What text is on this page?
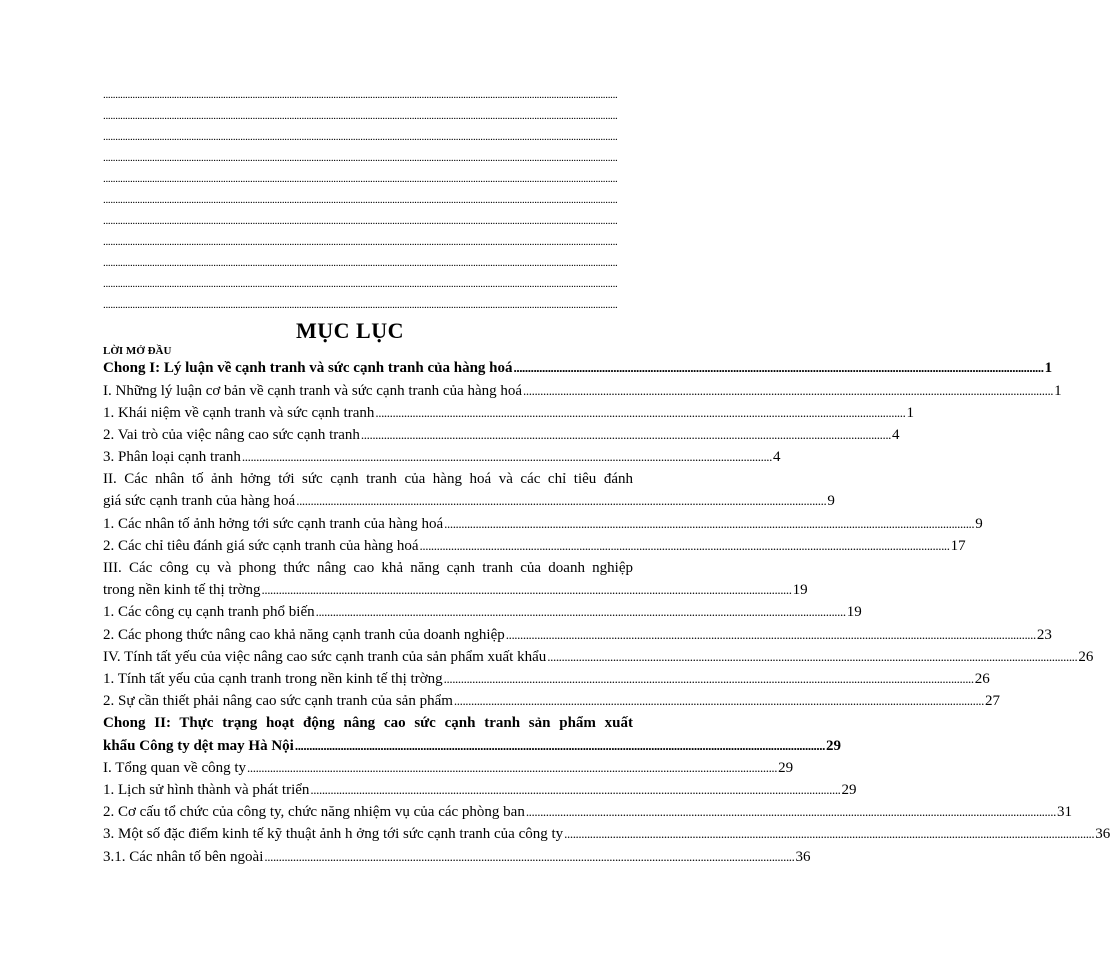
..................................................................................................................................................................................................................
..................................................................................................................................................................................................................
..................................................................................................................................................................................................................
..................................................................................................................................................................................................................
..................................................................................................................................................................................................................
..................................................................................................................................................................................................................
..................................................................................................................................................................................................................
..................................................................................................................................................................................................................
..................................................................................................................................................................................................................
..................................................................................................................................................................................................................
..................................................................................................................................................................................................................
MỤC LỤC
LỜI MỞ ĐẦU
Chong I: Lý luận về cạnh tranh và sức cạnh tranh của hàng hoá .......................................................................................................................................................................................... 1
I. Những lý luận cơ bản về cạnh tranh và sức cạnh tranh của hàng hoá .......................................................................................................................................................................................... 1
1. Khái niệm về cạnh tranh và sức cạnh tranh .......................................................................................................................................................................................... 1
2. Vai trò của việc nâng cao sức cạnh tranh .......................................................................................................................................................................................... 4
3. Phân loại cạnh tranh .......................................................................................................................................................................................... 4
II. Các nhân tố ảnh hởng tới sức cạnh tranh của hàng hoá và các chỉ tiêu đánh
giá sức cạnh tranh của hàng hoá .......................................................................................................................................................................................... 9
1. Các nhân tố ảnh hởng tới sức cạnh tranh của hàng hoá .......................................................................................................................................................................................... 9
2. Các chỉ tiêu đánh giá sức cạnh tranh của hàng hoá .......................................................................................................................................................................................... 17
III. Các công cụ và phong thức nâng cao khả năng cạnh tranh của doanh nghiệp
trong nền kinh tế thị trờng .......................................................................................................................................................................................... 19
1. Các công cụ cạnh tranh phổ biến .......................................................................................................................................................................................... 19
2. Các phong thức nâng cao khả năng cạnh tranh của doanh nghiệp .......................................................................................................................................................................................... 23
IV. Tính tất yếu của việc nâng cao sức cạnh tranh của sản phẩm xuất khẩu .......................................................................................................................................................................................... 26
1. Tính tất yếu của cạnh tranh trong nền kinh tế thị trờng .......................................................................................................................................................................................... 26
2. Sự cần thiết phải nâng cao sức cạnh tranh của sản phẩm .......................................................................................................................................................................................... 27
Chong II: Thực trạng hoạt động nâng cao sức cạnh tranh sản phẩm xuất
khẩu Công ty dệt may Hà Nội .......................................................................................................................................................................................... 29
I. Tổng quan về công ty .......................................................................................................................................................................................... 29
1. Lịch sử hình thành và phát triển .......................................................................................................................................................................................... 29
2. Cơ cấu tổ chức của công ty, chức năng nhiệm vụ của các phòng ban .......................................................................................................................................................................................... 31
3. Một số đặc điểm kinh tế kỹ thuật ảnh h ởng tới sức cạnh tranh của công ty .......................................................................................................................................................................................... 36
3.1. Các nhân tố bên ngoài .......................................................................................................................................................................................... 36
